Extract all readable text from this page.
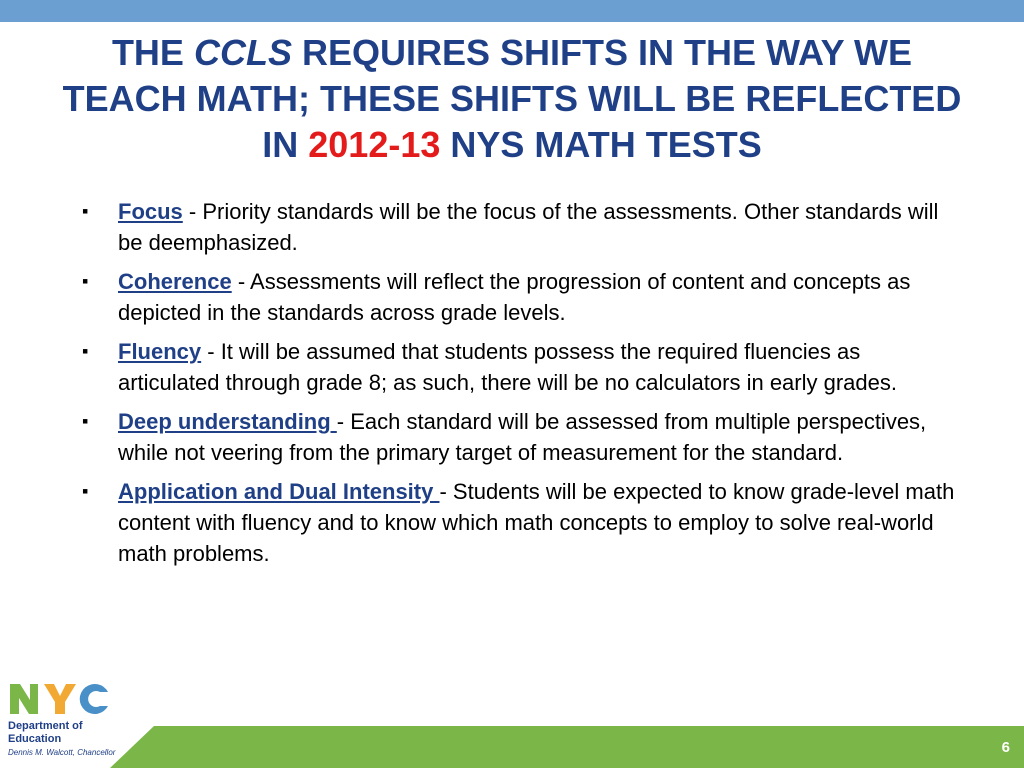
THE CCLS REQUIRES SHIFTS IN THE WAY WE TEACH MATH; THESE SHIFTS WILL BE REFLECTED IN 2012-13 NYS MATH TESTS
▪ Focus - Priority standards will be the focus of the assessments. Other standards will be deemphasized.
▪ Coherence - Assessments will reflect the progression of content and concepts as depicted in the standards across grade levels.
▪ Fluency - It will be assumed that students possess the required fluencies as articulated through grade 8; as such, there will be no calculators in early grades.
▪ Deep understanding - Each standard will be assessed from multiple perspectives, while not veering from the primary target of measurement for the standard.
▪ Application and Dual Intensity - Students will be expected to know grade-level math content with fluency and to know which math concepts to employ to solve real-world math problems.
Department of Education
Dennis M. Walcott, Chancellor	6
